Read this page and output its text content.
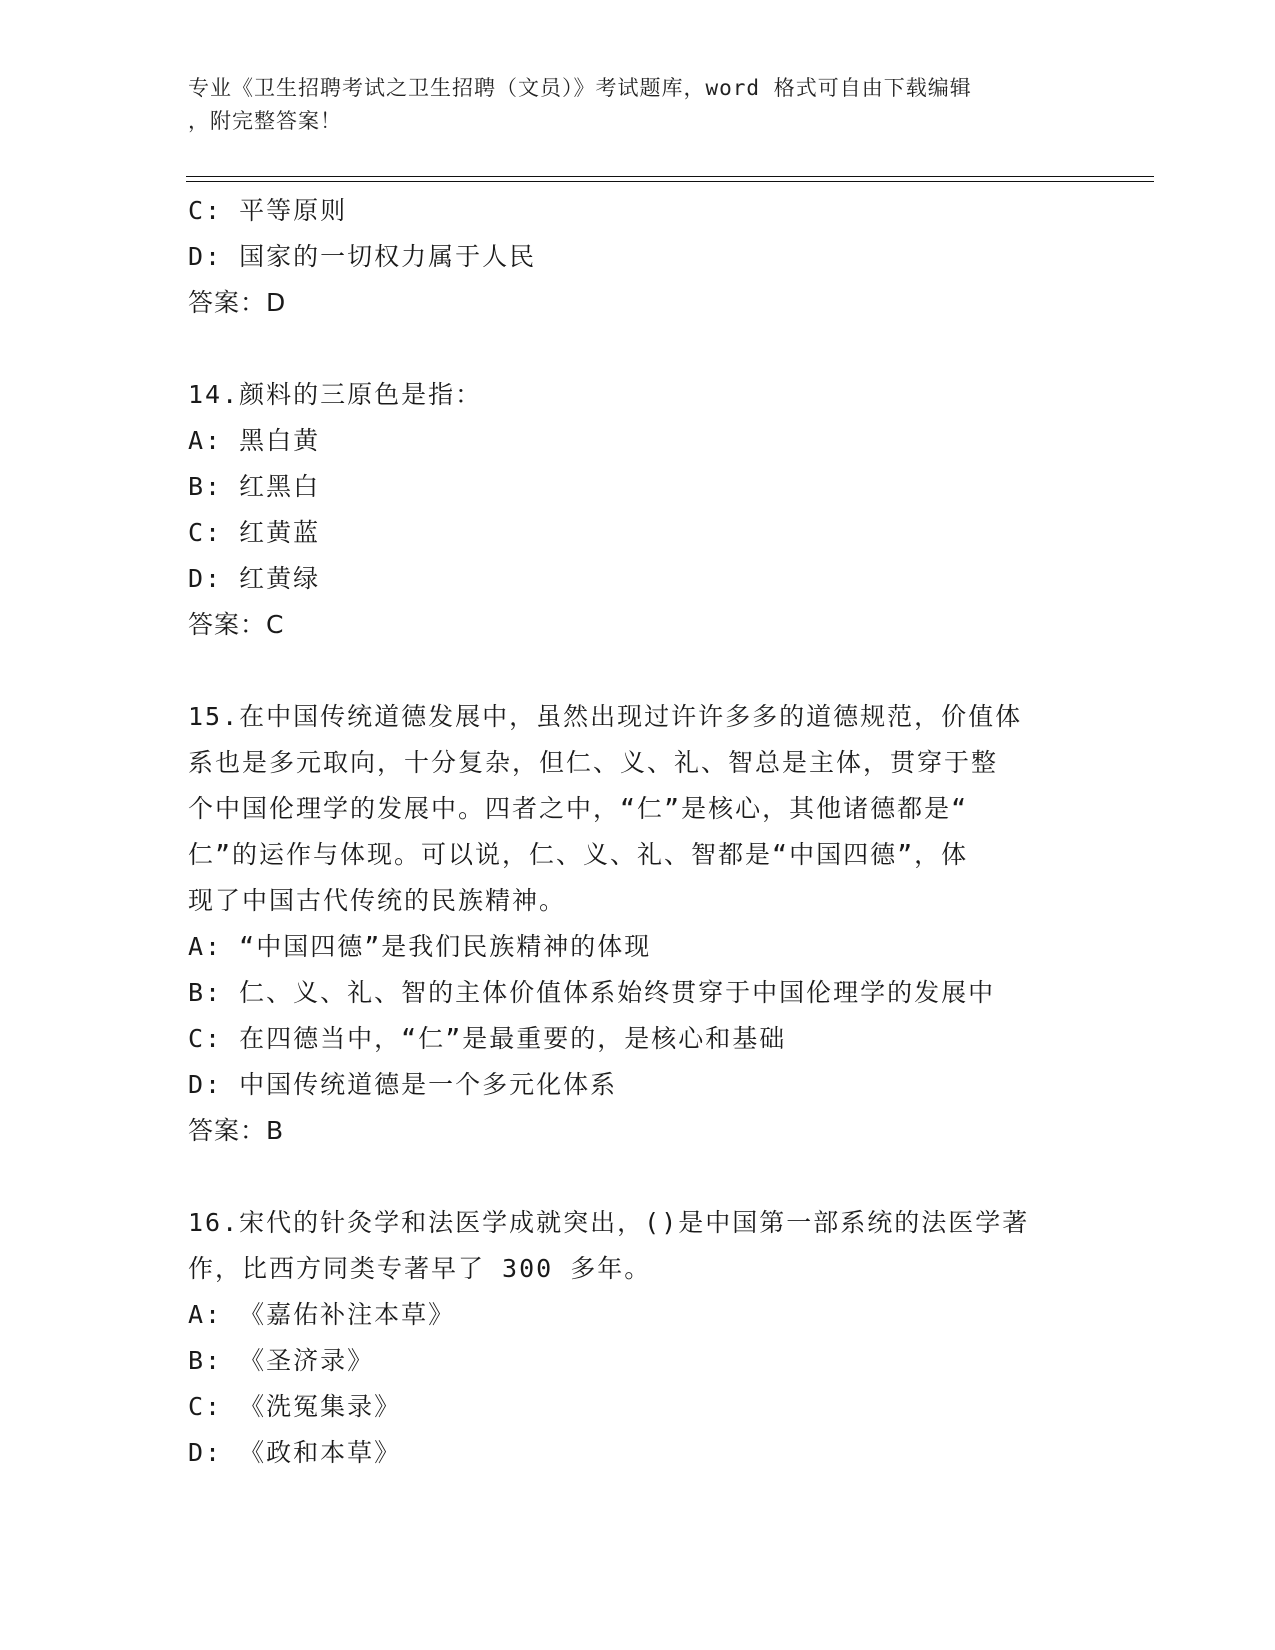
专业《卫生招聘考试之卫生招聘（文员）》考试题库，word 格式可自由下载编辑
，附完整答案！
C: 平等原则
D: 国家的一切权力属于人民
答案：D
14.颜料的三原色是指：
A: 黑白黄
B: 红黑白
C: 红黄蓝
D: 红黄绿
答案：C
15.在中国传统道德发展中，虽然出现过许许多多的道德规范，价值体
系也是多元取向，十分复杂，但仁、义、礼、智总是主体，贯穿于整
个中国伦理学的发展中。四者之中，“仁”是核心，其他诸德都是“
仁”的运作与体现。可以说，仁、义、礼、智都是“中国四德”，体
现了中国古代传统的民族精神。
A: “中国四德”是我们民族精神的体现
B: 仁、义、礼、智的主体价值体系始终贯穿于中国伦理学的发展中
C: 在四德当中，“仁”是最重要的，是核心和基础
D: 中国传统道德是一个多元化体系
答案：B
16.宋代的针灸学和法医学成就突出，()是中国第一部系统的法医学著
作，比西方同类专著早了 300 多年。
A: 《嘉佑补注本草》
B: 《圣济录》
C: 《洗冤集录》
D: 《政和本草》
